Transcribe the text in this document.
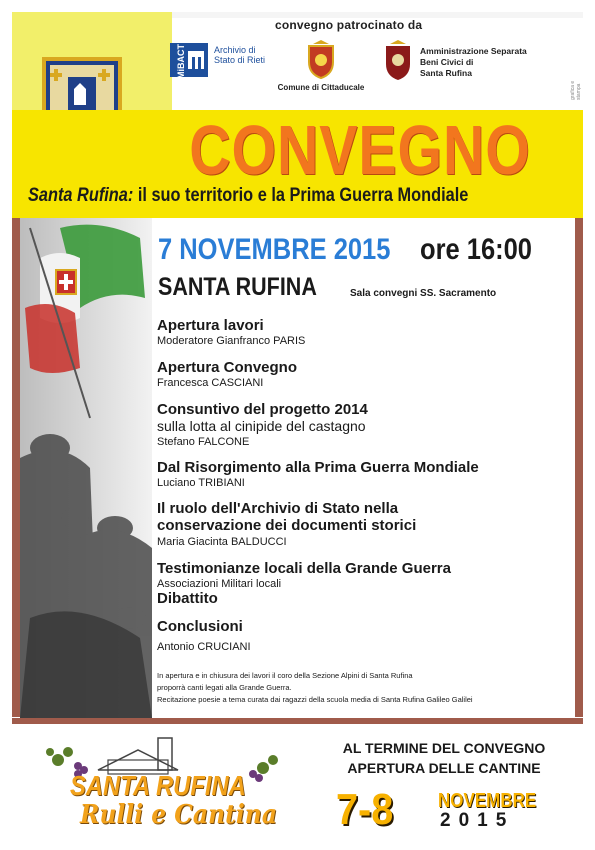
convegno patrocinato da
MiBACT	Archivio di Stato di Rieti
Comune di Cittaducale
Amministrazione Separata
Beni Civici di
Santa Rufina
grafica e stampa
CONVEGNO
Santa Rufina: il suo territorio e la Prima Guerra Mondiale
7 NOVEMBRE 2015 ore 16:00
SANTA RUFINA	Sala convegni SS. Sacramento
Apertura lavori
Moderatore Gianfranco PARIS
Apertura Convegno
Francesca CASCIANI
Consuntivo del progetto 2014
sulla lotta al cinipide del castagno
Stefano FALCONE
Dal Risorgimento alla Prima Guerra Mondiale
Luciano TRIBIANI
Il ruolo dell'Archivio di Stato nella
conservazione dei documenti storici
Maria Giacinta BALDUCCI
Testimonianze locali della Grande Guerra
Associazioni Militari locali
Dibattito
Conclusioni
Antonio CRUCIANI
In apertura e in chiusura dei lavori il coro della Sezione Alpini di Santa Rufina
proporrà canti legati alla Grande Guerra.
Recitazione poesie a tema curata dai ragazzi della scuola media di Santa Rufina Galileo Galilei
SANTA RUFINA
Rulli e Cantina
AL TERMINE DEL CONVEGNO
APERTURA DELLE CANTINE
7-8 NOVEMBRE
2015
